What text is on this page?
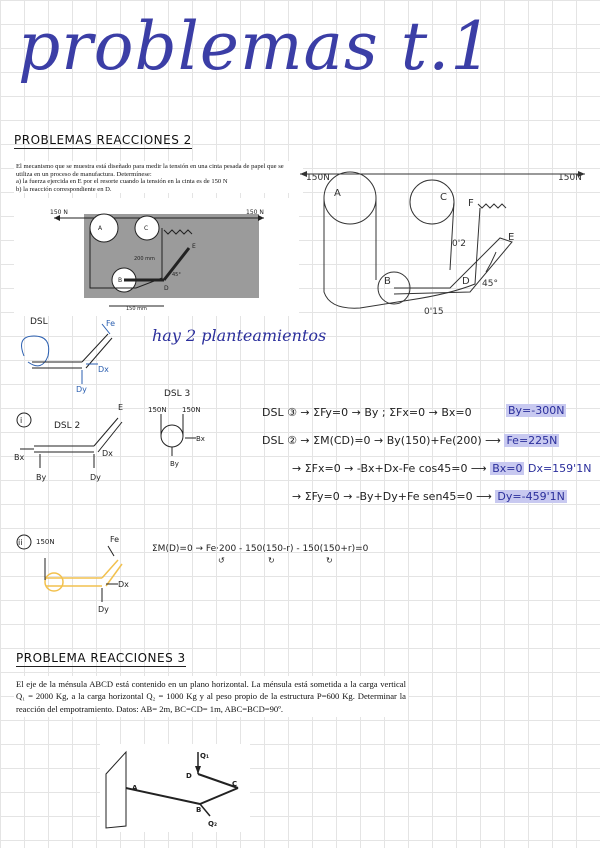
problemas t.1
PROBLEMAS REACCIONES 2
El mecanismo que se muestra está diseñado para medir la tensión en una cinta pesada de papel que se utiliza en un proceso de manufactura. Determínese:
a) la fuerza ejercida en E por el resorte cuando la tensión en la cinta es de 150 N
b) la reacción correspondiente en D.
150 N	150 N
A
B
C
D
E
200 mm
150 mm
45°
150N	150N
A	C
F
E
B	D
0'2
0'15
45°
hay 2 planteamientos
DSL	Fe
Dx
Dy
i
DSL 2
Bx
By	Dy
Dx
E
DSL 3
150N 150N
Bx
By
ii 150N	Fe
Dx
Dy
DSL ③ → ΣFy=0 → By ; ΣFx=0 → Bx=0	By=-300N
DSL ② → ΣM(CD)=0 → By(150)+Fe(200) ⟶ Fe=225N
→ ΣFx=0 → -Bx+Dx-Fe cos45=0 ⟶ Bx=0 Dx=159'1N
→ ΣFy=0 → -By+Dy+Fe sen45=0 ⟶ Dy=-459'1N
ΣM(D)=0 → Fe·200 - 150(150-r) - 150(150+r)=0
↺	↻	↻
PROBLEMA REACCIONES 3
El eje de la ménsula ABCD está contenido en un plano horizontal. La ménsula está sometida a la carga vertical Q₁ = 2000 Kg, a la carga horizontal Q₂ = 1000 Kg y al peso propio de la estructura P=600 Kg. Determinar la reacción del empotramiento. Datos: AB= 2m, BC=CD= 1m, ABC=BCD=90º.
Q₁
Q₂
A
B
C
D
